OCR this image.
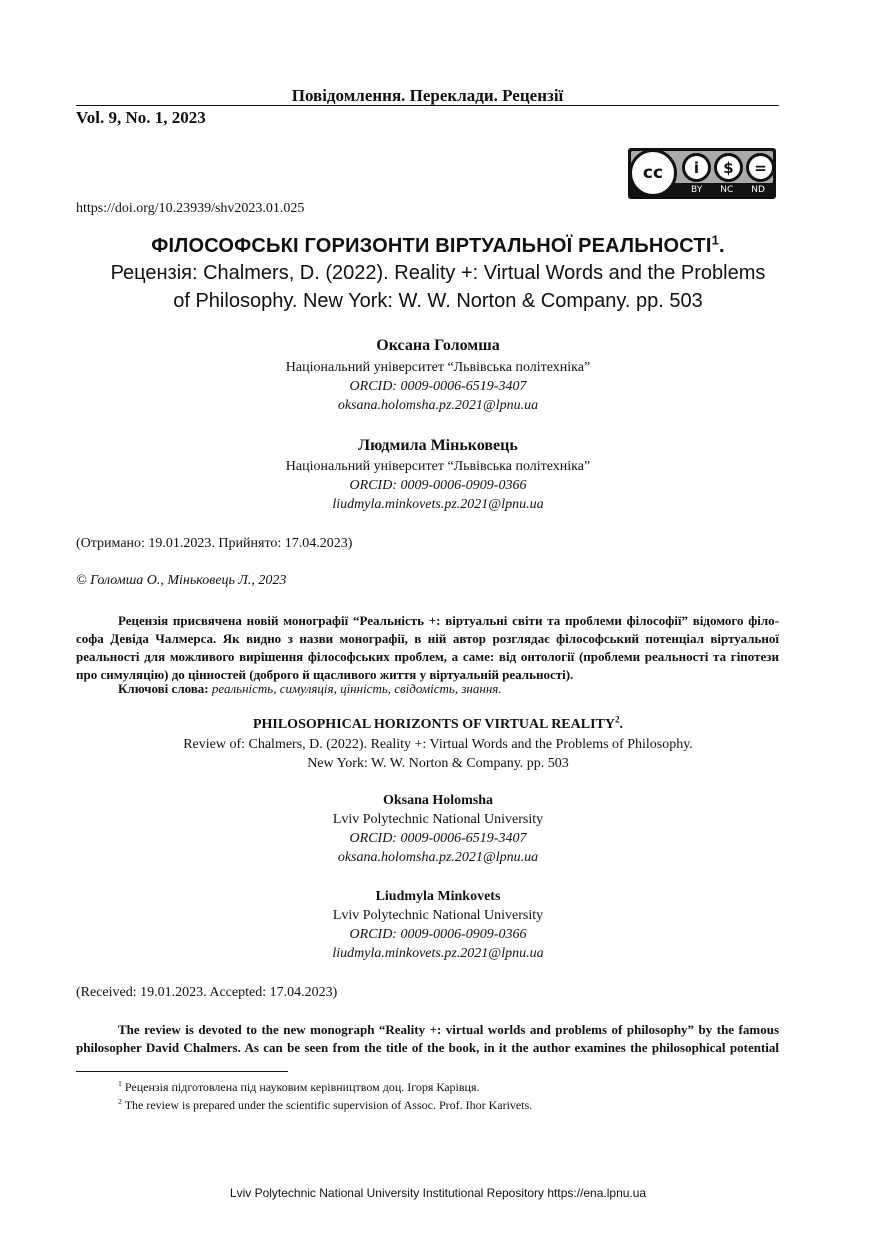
Повідомлення. Переклади. Рецензії
Vol. 9, No. 1, 2023
cc	i	$	=
BY NC ND
https://doi.org/10.23939/shv2023.01.025
ФІЛОСОФСЬКІ ГОРИЗОНТИ ВІРТУАЛЬНОЇ РЕАЛЬНОСТІ$^1$.
Рецензія: Chalmers, D. (2022). Reality +: Virtual Words and the Problems
of Philosophy. New York: W. W. Norton & Company. pp. 503
Оксана Голомша
Національний університет “Львівська політехніка”
ORCID: 0009-0006-6519-3407
oksana.holomsha.pz.2021@lpnu.ua
Людмила Міньковець
Національний університет “Львівська політехніка”
ORCID: 0009-0006-0909-0366
liudmyla.minkovets.pz.2021@lpnu.ua
(Отримано: 19.01.2023. Прийнято: 17.04.2023)
© Голомша О., Міньковець Л., 2023
Рецензія присвячена новій монографії “Реальність +: віртуальні світи та проблеми філософії” відомого філо-
софа Девіда Чалмерса. Як видно з назви монографії, в ній автор розглядає філософський потенціал віртуальної
реальності для можливого вирішення філософських проблем, а саме: від онтології (проблеми реальності та гіпотези
про симуляцію) до цінностей (доброго й щасливого життя у віртуальній реальності).
Ключові слова: реальність, симуляція, цінність, свідомість, знання.
PHILOSOPHICAL HORIZONTS OF VIRTUAL REALITY$^2$.
Review of: Chalmers, D. (2022). Reality +: Virtual Words and the Problems of Philosophy.
New York: W. W. Norton & Company. pp. 503
Oksana Holomsha
Lviv Polytechnic National University
ORCID: 0009-0006-6519-3407
oksana.holomsha.pz.2021@lpnu.ua
Liudmyla Minkovets
Lviv Polytechnic National University
ORCID: 0009-0006-0909-0366
liudmyla.minkovets.pz.2021@lpnu.ua
(Received: 19.01.2023. Accepted: 17.04.2023)
The review is devoted to the new monograph “Reality +: virtual worlds and problems of philosophy” by the famous
philosopher David Chalmers. As can be seen from the title of the book, in it the author examines the philosophical potential
$^1$ Рецензія підготовлена під науковим керівництвом доц. Ігоря Карівця.
$^2$ The review is prepared under the scientific supervision of Assoc. Prof. Ihor Karivets.
Lviv Polytechnic National University Institutional Repository https://ena.lpnu.ua
